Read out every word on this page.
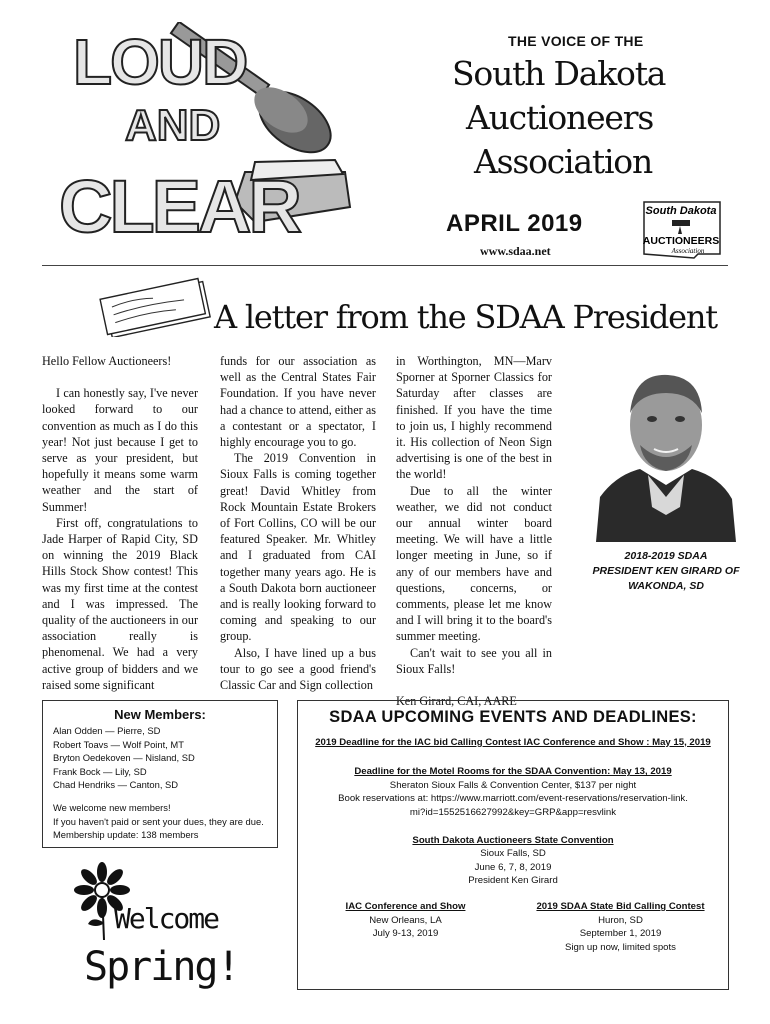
LOUD
AND
CLEAR
THE VOICE OF THE
South Dakota
Auctioneers
Association
APRIL 2019
www.sdaa.net
South Dakota
AUCTIONEERS
Association
A letter from the SDAA President

Hello Fellow Auctioneers!

I can honestly say, I've never looked forward to our convention as much as I do this year! Not just because I get to serve as your president, but hopefully it means some warm weather and the start of Summer!

First off, congratulations to Jade Harper of Rapid City, SD on winning the 2019 Black Hills Stock Show contest! This was my first time at the contest and I was impressed. The quality of the auctioneers in our association really is phenomenal. We had a very active group of bidders and we raised some significant

funds for our association as well as the Central States Fair Foundation. If you have never had a chance to attend, either as a contestant or a spectator, I highly encourage you to go.

The 2019 Convention in Sioux Falls is coming together great! David Whitley from Rock Mountain Estate Brokers of Fort Collins, CO will be our featured Speaker. Mr. Whitley and I graduated from CAI together many years ago. He is a South Dakota born auctioneer and is really looking forward to coming and speaking to our group.

Also, I have lined up a bus tour to go see a good friend's Classic Car and Sign collection

in Worthington, MN—Marv Sporner at Sporner Classics for Saturday after classes are finished. If you have the time to join us, I highly recommend it. His collection of Neon Sign advertising is one of the best in the world!

Due to all the winter weather, we did not conduct our annual winter board meeting. We will have a little longer meeting in June, so if any of our members have and questions, concerns, or comments, please let me know and I will bring it to the board's summer meeting.

Can't wait to see you all in Sioux Falls!

Ken Girard, CAI, AARE

2018-2019 SDAA
PRESIDENT KEN GIRARD OF
WAKONDA, SD
New Members:
Alan Odden — Pierre, SD
Robert Toavs — Wolf Point, MT
Bryton Oedekoven — Nisland, SD
Frank Bock — Lily, SD
Chad Hendriks — Canton, SD
We welcome new members!
If you haven't paid or sent your dues, they are due.
Membership update: 138 members
Welcome
Spring!
SDAA UPCOMING EVENTS AND DEADLINES:
2019 Deadline for the IAC bid Calling Contest IAC Conference and Show : May 15, 2019
Deadline for the Motel Rooms for the SDAA Convention: May 13, 2019
Sheraton Sioux Falls & Convention Center, $137 per night
Book reservations at: https://www.marriott.com/event-reservations/reservation-link.
mi?id=1552516627992&key=GRP&app=resvlink
South Dakota Auctioneers State Convention
Sioux Falls, SD
June 6, 7, 8, 2019
President Ken Girard
IAC Conference and Show
New Orleans, LA
July 9-13, 2019
2019 SDAA State Bid Calling Contest
Huron, SD
September 1, 2019
Sign up now, limited spots
